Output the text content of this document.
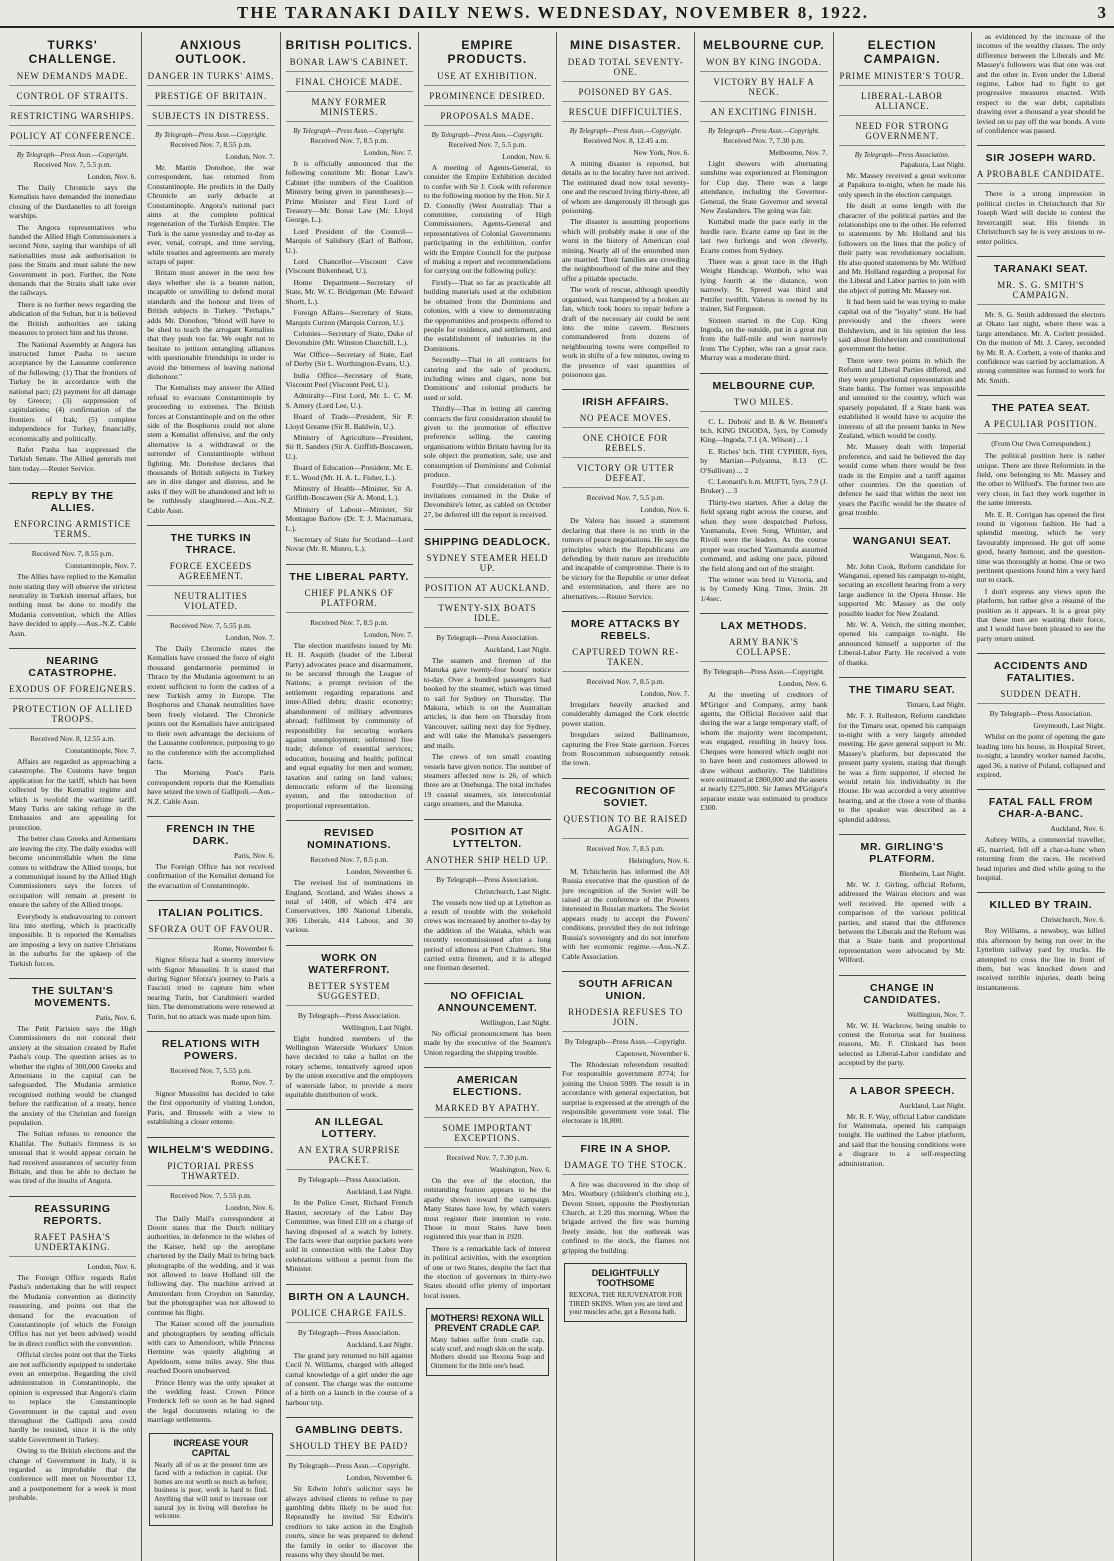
THE TARANAKI DAILY NEWS. WEDNESDAY, NOVEMBER 8, 1922.	3
TURKS' CHALLENGE.
NEW DEMANDS MADE.
CONTROL OF STRAITS.
RESTRICTING WARSHIPS.
POLICY AT CONFERENCE.
By Telegraph—Press Assn.—Copyright.
Received Nov. 7, 5.5 p.m.
London, Nov. 6.

The Daily Chronicle says the Kemalists have demanded the immediate closing of the Dardanelles to all foreign warships.

The Angora representatives who handed the Allied High Commissioners a second Note, saying that warships of all nationalities must ask authorisation to pass the Straits and must salute the new Government in port. Further, the Note demands that the Straits shall take over the railways.

There is no further news regarding the abdication of the Sultan, but it is believed the British authorities are taking measures to protect him and his throne.

The National Assembly at Angora has instructed Ismet Pasha to secure acceptance by the Lausanne conference of the following: (1) That the frontiers of Turkey be in accordance with the national pact; (2) payment for all damage by Greece; (3) suppression of capitulations; (4) confirmation of the frontiers of Irak; (5) complete independence for Turkey, financially, economically and politically.

Rafet Pasha has suppressed the Turkish Senate. The Allied generals met him today.—Reuter Service.

REPLY BY THE ALLIES.
ENFORCING ARMISTICE TERMS.
Received Nov. 7, 8.55 p.m.
Constantinople, Nov. 7.

The Allies have replied to the Kemalist note stating they will observe the strictest neutrality in Turkish internal affairs, but nothing must be done to modify the Mudania convention, which the Allies have decided to apply.—Aus.-N.Z. Cable Assn.

NEARING CATASTROPHE.
EXODUS OF FOREIGNERS.
PROTECTION OF ALLIED TROOPS.
Received Nov. 8, 12.55 a.m.
Constantinople, Nov. 7.

Affairs are regarded as approaching a catastrophe. The Customs have begun application for the tariff, which has been collected by the Kemalist regime and which is twofold the wartime tariff. Many Turks are taking refuge in the Embassies and are appealing for protection.

The better class Greeks and Armenians are leaving the city. The daily exodus will become uncontrollable when the time comes to withdraw the Allied troops, but a communiqué issued by the Allied High Commissioners says the forces of occupation will remain at present to ensure the safety of the Allied troops.

Everybody is endeavouring to convert lira into sterling, which is practically impossible. It is reported the Kemalists are imposing a levy on native Christians in the suburbs for the upkeep of the Turkish forces.

THE SULTAN'S MOVEMENTS.
Paris, Nov. 6.

The Petit Parisien says the High Commissioners do not conceal their anxiety at the situation created by Rafet Pasha's coup. The question arises as to whether the rights of 300,000 Greeks and Armenians in the capital can be safeguarded. The Mudania armistice recognised nothing would be changed before the ratification of a treaty, hence the anxiety of the Christian and foreign population.

The Sultan refuses to renounce the Khalifat. The Sultan's firmness is so unusual that it would appear certain he had received assurances of security from Britain, and thus be able to declare he was tired of the insults of Angora.

REASSURING REPORTS.
RAFET PASHA'S UNDERTAKING.
London, Nov. 6.

The Foreign Office regards Rafet Pasha's undertaking that he will respect the Mudania convention as distinctly reassuring, and points out that the demand for the evacuation of Constantinople (of which the Foreign Office has not yet been advised) would be in direct conflict with the convention.

Official circles point out that the Turks are not sufficiently equipped to undertake even an enterprise. Regarding the civil administration in Constantinople, the opinion is expressed that Angora's claim to replace the Constantinople Government in the capital and even throughout the Gallipoli area could hardly be resisted, since it is the only stable Government in Turkey.

Owing to the British elections and the change of Government in Italy, it is regarded as improbable that the conference will meet on November 13, and a postponement for a week is most probable.

ANXIOUS OUTLOOK.
DANGER IN TURKS' AIMS.
PRESTIGE OF BRITAIN.
SUBJECTS IN DISTRESS.
By Telegraph—Press Assn.—Copyright.
Received Nov. 7, 8.55 p.m.
London, Nov. 7.

Mr. Martin Donohoe, the war correspondent, has returned from Constantinople. He predicts in the Daily Chronicle an early debacle at Constantinople. Angora's national pact aims at the complete political regeneration of the Turkish Empire. The Turk is the same yesterday and to-day as ever, venal, corrupt, and time serving, while treaties and agreements are merely scraps of paper.

Britain must answer in the next few days whether she is a beaten nation, incapable or unwilling to defend moral standards and the honour and lives of British subjects in Turkey. "Perhaps," adds Mr. Donohoe, "blood will have to be shed to teach the arrogant Kemalists that they push too far. We ought not to hesitate to jettison entangling alliances with questionable friendships in order to avoid the bitterness of leaving national dishonour."

The Kemalists may answer the Allied refusal to evacuate Constantinople by proceeding to extremes. The British forces at Constantinople and on the other side of the Bosphorus could not alone stem a Kemalist offensive, and the only alternative is a withdrawal or the surrender of Constantinople without fighting. Mr. Donohoe declares that thousands of British subjects in Turkey are in dire danger and distress, and he asks if they will be abandoned and left to be ruthlessly slaughtered.—Aus.-N.Z. Cable Assn.

THE TURKS IN THRACE.
FORCE EXCEEDS AGREEMENT.
NEUTRALITIES VIOLATED.
Received Nov. 7, 5.55 p.m.
London, Nov. 7.

The Daily Chronicle states the Kemalists have crossed the force of eight thousand gendarmerie permitted in Thrace by the Mudania agreement to an extent sufficient to form the cadres of a new Turkish army in Europe. The Bosphorus and Chanak neutralities have been freely violated. The Chronicle points out the Kemalists have anticipated to their own advantage the decisions of the Lausanne conference, purposing to go to the conference with the accomplished facts.

The Morning Post's Paris correspondent reports that the Kemalists have seized the town of Gallipoli.—Aus.-N.Z. Cable Assn.

FRENCH IN THE DARK.
Paris, Nov. 6.

The Foreign Office has not received confirmation of the Kemalist demand for the evacuation of Constantinople.

ITALIAN POLITICS.
SFORZA OUT OF FAVOUR.
Rome, November 6.

Signor Sforza had a stormy interview with Signor Mussolini. It is stated that during Signor Sforza's journey to Paris a Fascisti tried to capture him when nearing Turin, but Carabinieri warded him. The demonstrations were renewed at Turin, but no attack was made upon him.

RELATIONS WITH POWERS.
Received Nov. 7, 5.55 p.m.
Rome, Nov. 7.

Signor Mussolini has decided to take the first opportunity of visiting London, Paris, and Brussels with a view to establishing a closer entente.

WILHELM'S WEDDING.
PICTORIAL PRESS THWARTED.
Received Nov. 7, 5.55 p.m.
London, Nov. 6.

The Daily Mail's correspondent at Doorn states that the Dutch military authorities, in deference to the wishes of the Kaiser, held up the aeroplane chartered by the Daily Mail to bring back photographs of the wedding, and it was not allowed to leave Holland till the following day. The machine arrived at Amsterdam from Croydon on Saturday, but the photographer was not allowed to continue his flight.

The Kaiser scored off the journalists and photographers by sending officials with cars to Amersfoort, while Princess Hermine was quietly alighting at Apeldoorn, some miles away. She thus reached Doorn unobserved.

Prince Henry was the only speaker at the wedding feast. Crown Prince Frederick left so soon as he had signed the legal documents relating to the marriage settlements.

INCREASE YOUR CAPITAL
Nearly all of us at the present time are faced with a reduction in capital. Our homes are not worth so much as before; business is poor, work is hard to find. Anything that will tend to increase our natural joy in living will therefore be welcome.
BRITISH POLITICS.
BONAR LAW'S CABINET.
FINAL CHOICE MADE.
MANY FORMER MINISTERS.
By Telegraph—Press Assn.—Copyright.
Received Nov. 7, 8.5 p.m.
London, Nov. 7.

It is officially announced that the following constitute Mr. Bonar Law's Cabinet (the numbers of the Coalition Ministry being given in parentheses):—Prime Minister and First Lord of Treasury—Mr. Bonar Law (Mr. Lloyd George, L.).

Lord President of the Council—Marquis of Salisbury (Earl of Balfour, U.).

Lord Chancellor—Viscount Cave (Viscount Birkenhead, U.).

Home Department—Secretary of State, Mr. W. C. Bridgeman (Mr. Edward Shortt, L.).

Foreign Affairs—Secretary of State, Marquis Curzon (Marquis Curzon, U.).

Colonies—Secretary of State, Duke of Devonshire (Mr. Winston Churchill, L.).

War Office—Secretary of State, Earl of Derby (Sir L. Worthington-Evans, U.).

India Office—Secretary of State, Viscount Peel (Viscount Peel, U.).

Admiralty—First Lord, Mr. L. C. M. S. Amery (Lord Lee, U.).

Board of Trade—President, Sir P. Lloyd Greame (Sir R. Baldwin, U.).

Ministry of Agriculture—President, Sir R. Sanders (Sir A. Griffith-Boscawen, U.).

Board of Education—President, Mr. E. F. L. Wood (Mr. H. A. L. Fisher, L.).

Ministry of Health—Minister, Sir A. Griffith-Boscawen (Sir A. Mond, L.).

Ministry of Labour—Minister, Sir Montague Barlow (Dr. T. J. Macnamara, L.).

Secretary of State for Scotland—Lord Novar (Mr. R. Munro, L.).

THE LIBERAL PARTY.
CHIEF PLANKS OF PLATFORM.
Received Nov. 7, 8.5 p.m.
London, Nov. 7.

The election manifesto issued by Mr. H. H. Asquith (leader of the Liberal Party) advocates peace and disarmament, to be secured through the League of Nations; a prompt revision of the settlement regarding reparations and inter-Allied debts; drastic economy; abandonment of military adventures abroad; fulfilment by community of responsibility for securing workers against unemployment; unfettered free trade; defence of essential services; education, housing and health; political and equal equality for men and women; taxation and rating on land values; democratic reform of the licensing system, and the introduction of proportional representation.

REVISED NOMINATIONS.
Received Nov. 7, 8.5 p.m.
London, November 6.

The revised list of nominations in England, Scotland, and Wales shows a total of 1408, of which 474 are Conservatives, 180 National Liberals, 306 Liberals, 414 Labour, and 30 various.

WORK ON WATERFRONT.
BETTER SYSTEM SUGGESTED.
By Telegraph—Press Association.
Wellington, Last Night.

Eight hundred members of the Wellington Waterside Workers' Union have decided to take a ballot on the rotary scheme, tentatively agreed upon by the union executive and the employers of waterside labor, to provide a more equitable distribution of work.

AN ILLEGAL LOTTERY.
AN EXTRA SURPRISE PACKET.
By Telegraph—Press Association.
Auckland, Last Night.

In the Police Court, Richard French Baxter, secretary of the Labor Day Committee, was fined £10 on a charge of having disposed of a watch by lottery. The facts were that surprise packets were sold in connection with the Labor Day celebrations without a permit from the Minister.

BIRTH ON A LAUNCH.
POLICE CHARGE FAILS.
By Telegraph—Press Association.
Auckland, Last Night.

The grand jury returned no bill against Cecil N. Williams, charged with alleged carnal knowledge of a girl under the age of consent. The charge was the outcome of a birth on a launch in the course of a harbour trip.

GAMBLING DEBTS.
SHOULD THEY BE PAID?
By Telegraph—Press Assn.—Copyright.
London, November 6.

Sir Edwin John's solicitor says he always advised clients to refuse to pay gambling debts likely to be sued for. Repeatedly he invited Sir Edwin's creditors to take action in the English courts, since he was prepared to defend the family in order to discover the reasons why they should be met.

EMPIRE PRODUCTS.
USE AT EXHIBITION.
PROMINENCE DESIRED.
PROPOSALS MADE.
By Telegraph—Press Assn.—Copyright.
Received Nov. 7, 5.5 p.m.
London, Nov. 6.

A meeting of Agents-General, to consider the Empire Exhibition decided to confer with Sir J. Cook with reference to the following motion by the Hon. Sir J. D. Connolly (West Australia): That a committee, consisting of High Commissioners, Agents-General and representatives of Colonial Governments participating in the exhibition, confer with the Empire Council for the purpose of making a report and recommendations for carrying out the following policy:

Firstly—That so far as practicable all building materials used at the exhibition be obtained from the Dominions and colonies, with a view to demonstrating the opportunities and prospects offered to people for residence, and settlement, and the establishment of industries in the Dominions.

Secondly—That in all contracts for catering and the sale of products, including wines and cigars, none but Dominions' and colonial products be used or sold.

Thirdly—That in letting all catering contracts the first consideration should be given to the promotion of effective preference selling, the catering organisations within Britain having for its sole object the promotion, sale, use and consumption of Dominions' and Colonial produce.

Fourthly—That consideration of the invitations contained in the Duke of Devonshire's letter, as cabled on October 27, be deferred till the report is received.

SHIPPING DEADLOCK.
SYDNEY STEAMER HELD UP.
POSITION AT AUCKLAND.
TWENTY-SIX BOATS IDLE.
By Telegraph—Press Association.
Auckland, Last Night.

The seamen and firemen of the Manuka gave twenty-four hours' notice to-day. Over a hundred passengers had booked by the steamer, which was timed to sail for Sydney on Thursday. The Makura, which is on the Australian articles, is due here on Thursday from Vancouver, sailing next day for Sydney, and will take the Manuka's passengers and mails.

The crews of ten small coasting vessels have given notice. The number of steamers affected now is 26, of which three are at Onehunga. The total includes 19 coastal steamers, six intercolonial cargo steamers, and the Manuka.

POSITION AT LYTTELTON.
ANOTHER SHIP HELD UP.
By Telegraph—Press Association.
Christchurch, Last Night.

The vessels now tied up at Lyttelton as a result of trouble with the stokehold crews was increased by another to-day by the addition of the Waiaka, which was recently recommissioned after a long period of idleness at Port Chalmers. She carried extra firemen, and it is alleged one fireman deserted.

NO OFFICIAL ANNOUNCEMENT.
Wellington, Last Night.

No official pronouncement has been made by the executive of the Seamen's Union regarding the shipping trouble.

AMERICAN ELECTIONS.
MARKED BY APATHY.
SOME IMPORTANT EXCEPTIONS.
Received Nov. 7, 7.30 p.m.
Washington, Nov. 6.

On the eve of the election, the outstanding feature appears to be the apathy shown toward the campaign. Many States have low, by which voters must register their intention to vote. Those in most States have been registered this year than in 1920.

There is a remarkable lack of interest in political activities, with the exception of one or two States, despite the fact that the election of governors in thirty-two States should offer plenty of important local issues.

MOTHERS! REXONA WILL PREVENT CRADLE CAP.
Many babies suffer from cradle cap, scaly scurf, and rough skin on the scalp. Mothers should use Rexona Soap and Ointment for the little one's head.
MINE DISASTER.
DEAD TOTAL SEVENTY-ONE.
POISONED BY GAS.
RESCUE DIFFICULTIES.
By Telegraph—Press Assn.—Copyright.
Received Nov. 8, 12.45 a.m.
New York, Nov. 6.

A mining disaster is reported, but details as to the locality have not arrived. The estimated dead now total seventy-one and the rescued living thirty-three, all of whom are dangerously ill through gas poisoning.

The disaster is assuming proportions which will probably make it one of the worst in the history of American coal mining. Nearly all of the entombed men are married. Their families are crowding the neighbourhood of the mine and they offer a pitiable spectacle.

The work of rescue, although speedily organised, was hampered by a broken air fan, which took hours to repair before a draft of the necessary air could be sent into the mine cavern. Rescuers commandeered from dozens of neighbouring towns were compelled to work in shifts of a few minutes, owing to the presence of vast quantities of poisonous gas.

IRISH AFFAIRS.
NO PEACE MOVES.
ONE CHOICE FOR REBELS.
VICTORY OR UTTER DEFEAT.
Received Nov. 7, 5.5 p.m.
London, Nov. 6.

De Valera has issued a statement declaring that there is no truth in the rumors of peace negotiations. He says the principles which the Republicans are defending by their nature are irreducible and incapable of compromise. There is to be victory for the Republic or utter defeat and extermination, and there are no alternatives.—Reuter Service.

MORE ATTACKS BY REBELS.
CAPTURED TOWN RE-TAKEN.
Received Nov. 7, 8.5 p.m.
London, Nov. 7.

Irregulars heavily attacked and considerably damaged the Cork electric power station.

Irregulars seized Ballinamore, capturing the Free State garrison. Forces from Roscommon subsequently retook the town.

RECOGNITION OF SOVIET.
QUESTION TO BE RAISED AGAIN.
Received Nov. 7, 8.5 p.m.
Helsingfors, Nov. 6.

M. Tchitcherin has informed the All Russia executive that the question of de jure recognition of the Soviet will be raised at the conference of the Powers interested in Russian markets. The Soviet appears ready to accept the Powers' conditions, provided they do not infringe Russia's sovereignty and do not interfere with her economic regime.—Aus.-N.Z. Cable Association.

SOUTH AFRICAN UNION.
RHODESIA REFUSES TO JOIN.
By Telegraph—Press Assn.—Copyright.
Capetown, November 6.

The Rhodesian referendum resulted: For responsible government 8774; for joining the Union 5989. The result is in accordance with general expectation, but surprise is expressed at the strength of the responsible government vote total. The electorate is 18,800.

FIRE IN A SHOP.
DAMAGE TO THE STOCK.

A fire was discovered in the shop of Mrs. Westbury (children's clothing etc.), Devon Street, opposite the Presbyterian Church, at 1.20 this morning. When the brigade arrived the fire was burning freely inside, but the outbreak was confined to the stock, the flames not gripping the building.

DELIGHTFULLY TOOTHSOME
REXONA, THE REJUVENATOR FOR TIRED SKINS. When you are tired and your muscles ache, get a Rexona bath.
MELBOURNE CUP.
WON BY KING INGODA.
VICTORY BY HALF A NECK.
AN EXCITING FINISH.
By Telegraph—Press Assn.—Copyright.
Received Nov. 7, 7.30 p.m.
Melbourne, Nov. 7.

Light showers with alternating sunshine was experienced at Flemington for Cup day. There was a large attendance, including the Governor-General, the State Governor and several New Zealanders. The going was fair.

Kuttabul made the pace early in the hurdle race. Ecarte came up fast in the last two furlongs and won cleverly, Ecarte comes from Sydney.

There was a great race in the High Weight Handicap. Wonboh, who was lying fourth at the distance, won narrowly. St. Spreed was third and Pettifer twelfth. Valerus is owned by its trainer, Sid Ferguson.

Sixteen started in the Cup. King Ingoda, on the outside, put in a great run from the half-mile and won narrowly from The Cypher, who ran a great race. Murray was a moderate third.

MELBOURNE CUP.
TWO MILES.

C. L. Dubois' and B. & W. Bennett's br.h. KING INGODA, 5yrs, by Comedy King—Ingoda, 7.1 (A. Wilson) ... 1

E. Riches' br.h. THE CYPHER, 6yrs, by Martian—Polyanna, 8.13 (C. O'Sullivan) ... 2

C. Leonard's b.m. MUFTI, 5yrs, 7.9 (J. Bruker) ... 3

Thirty-two starters. After a delay the field sprang right across the course, and when they were despatched Purloss, Yaumanula, Even Song, Whittier, and Rivoli were the leaders. As the course proper was reached Yaumanula assumed command, and asking one pace, piloted the field along and out of the straight.

The winner was bred in Victoria, and is by Comedy King. Time, 3min. 28 1/4sec.

LAX METHODS.
ARMY BANK'S COLLAPSE.
By Telegraph—Press Assn.—Copyright.
London, Nov. 6.

At the meeting of creditors of M'Grigor and Company, army bank agents, the Official Receiver said that during the war a large temporary staff, of whom the majority were incompetent, was engaged, resulting in heavy loss. Cheques were honored which ought not to have been and customers allowed to draw without authority. The liabilities were estimated at £800,000 and the assets at nearly £275,000. Sir James M'Grigor's separate estate was estimated to produce £300.

ELECTION CAMPAIGN.
PRIME MINISTER'S TOUR.
LIBERAL-LABOR ALLIANCE.
NEED FOR STRONG GOVERNMENT.
By Telegraph—Press Association.
Papakura, Last Night.

Mr. Massey received a great welcome at Papakura to-night, when he made his only speech in the election campaign.

He dealt at some length with the character of the political parties and the relationships one to the other. He referred to statements by Mr. Holland and his followers on the lines that the policy of their party was revolutionary socialism. He also quoted statements by Mr. Wilford and Mr. Holland regarding a proposal for the Liberal and Labor parties to join with the object of putting Mr. Massey out.

It had been said he was trying to make capital out of the "loyalty" stunt. He had previously and the cheers were Bolshevism, and in his opinion the less said about Bolshevism and constitutional government the better.

There were two points in which the Reform and Liberal Parties differed, and they were proportional representation and State banks. The former was impossible and unsuited to the country, which was sparsely populated. If a State bank was established it would have to acquire the interests of all the present banks in New Zealand, which would be costly.

Mr. Massey dealt with Imperial preference, and said he believed the day would come when there would be free trade in the Empire and a tariff against other countries. On the question of defence he said that within the next ten years the Pacific would be the theatre of great trouble.

WANGANUI SEAT.
Wanganui, Nov. 6.

Mr. John Cook, Reform candidate for Wanganui, opened his campaign to-night, securing an excellent hearing from a very large audience in the Opera House. He supported Mr. Massey as the only possible leader for New Zealand.

Mr. W. A. Veitch, the sitting member, opened his campaign to-night. He announced himself a supporter of the Liberal-Labor Party. He received a vote of thanks.

THE TIMARU SEAT.
Timaru, Last Night.

Mr. F. J. Rolleston, Reform candidate for the Timaru seat, opened his campaign to-night with a very largely attended meeting. He gave general support to Mr. Massey's platform, but deprecated the present party system, stating that though he was a firm supporter, if elected he would retain his individuality in the House. He was accorded a very attentive hearing, and at the close a vote of thanks to the speaker was described as a splendid address.

MR. GIRLING'S PLATFORM.
Blenheim, Last Night.

Mr. W. J. Girling, official Reform, addressed the Wairau electors and was well received. He opened with a comparison of the various political parties, and stated that the difference between the Liberals and the Reform was that a State bank and proportional representation were advocated by Mr. Wilford.

CHANGE IN CANDIDATES.
Wellington, Nov. 7.

Mr. W. H. Wackrow, being unable to contest the Rotorua seat for business reasons, Mr. F. Clinkard has been selected as Liberal-Labor candidate and accepted by the party.

A LABOR SPEECH.
Auckland, Last Night.

Mr. R. F. Way, official Labor candidate for Waitemata, opened his campaign tonight. He outlined the Labor platform, and said that the housing conditions were a disgrace to a self-respecting administration.

as evidenced by the increase of the incomes of the wealthy classes. The only difference between the Liberals and Mr. Massey's followers was that one was out and the other in. Even under the Liberal regime, Labor had to fight to get progressive measures enacted. With respect to the war debt, capitalists drawing over a thousand a year should be levied on to pay off the war bonds. A vote of confidence was passed.

SIR JOSEPH WARD.
A PROBABLE CANDIDATE.

There is a strong impression in political circles in Christchurch that Sir Joseph Ward will decide to contest the Invercargill seat. His friends in Christchurch say he is very anxious to re-enter politics.

TARANAKI SEAT.
MR. S. G. SMITH'S CAMPAIGN.

Mr. S. G. Smith addressed the electors at Okato last night, where there was a large attendance. Mr. A. Corlett presided. On the motion of Mr. J. Carey, seconded by Mr. R. A. Corbett, a vote of thanks and confidence was carried by acclamation. A strong committee was formed to work for Mr. Smith.

THE PATEA SEAT.
A PECULIAR POSITION.
(From Our Own Correspondent.)

The political position here is rather unique. There are three Reformists in the field, one belonging to Mr. Massey and the other to Wilford's. The former two are very close, in fact they work together in the same interests.

Mr. E. R. Corrigan has opened the first round in vigorous fashion. He had a splendid meeting, which he very favourably impressed. He got off some good, hearty humour, and the question-time was thoroughly at home. One or two pertinent questions found him a very hard nut to crack.

I don't express any views upon the platform, but rather give a résumé of the position as it appears. It is a great pity that these men are wasting their force, and I would have been pleased to see the party return united.

ACCIDENTS AND FATALITIES.
SUDDEN DEATH.
By Telegraph—Press Association.
Greymouth, Last Night.

Whilst on the point of opening the gate leading into his house, in Hospital Street, to-night, a laundry worker named Jacobs, aged 36, a native of Poland, collapsed and expired.

FATAL FALL FROM CHAR-A-BANC.
Auckland, Nov. 6.

Aubrey Wills, a commercial traveller, 45, married, fell off a char-a-banc when returning from the races. He received head injuries and died while going to the hospital.

KILLED BY TRAIN.
Christchurch, Nov. 6.

Roy Williams, a newsboy, was killed this afternoon by being run over in the Lyttelton railway yard by trucks. He attempted to cross the line in front of them, but was knocked down and received terrible injuries, death being instantaneous.
